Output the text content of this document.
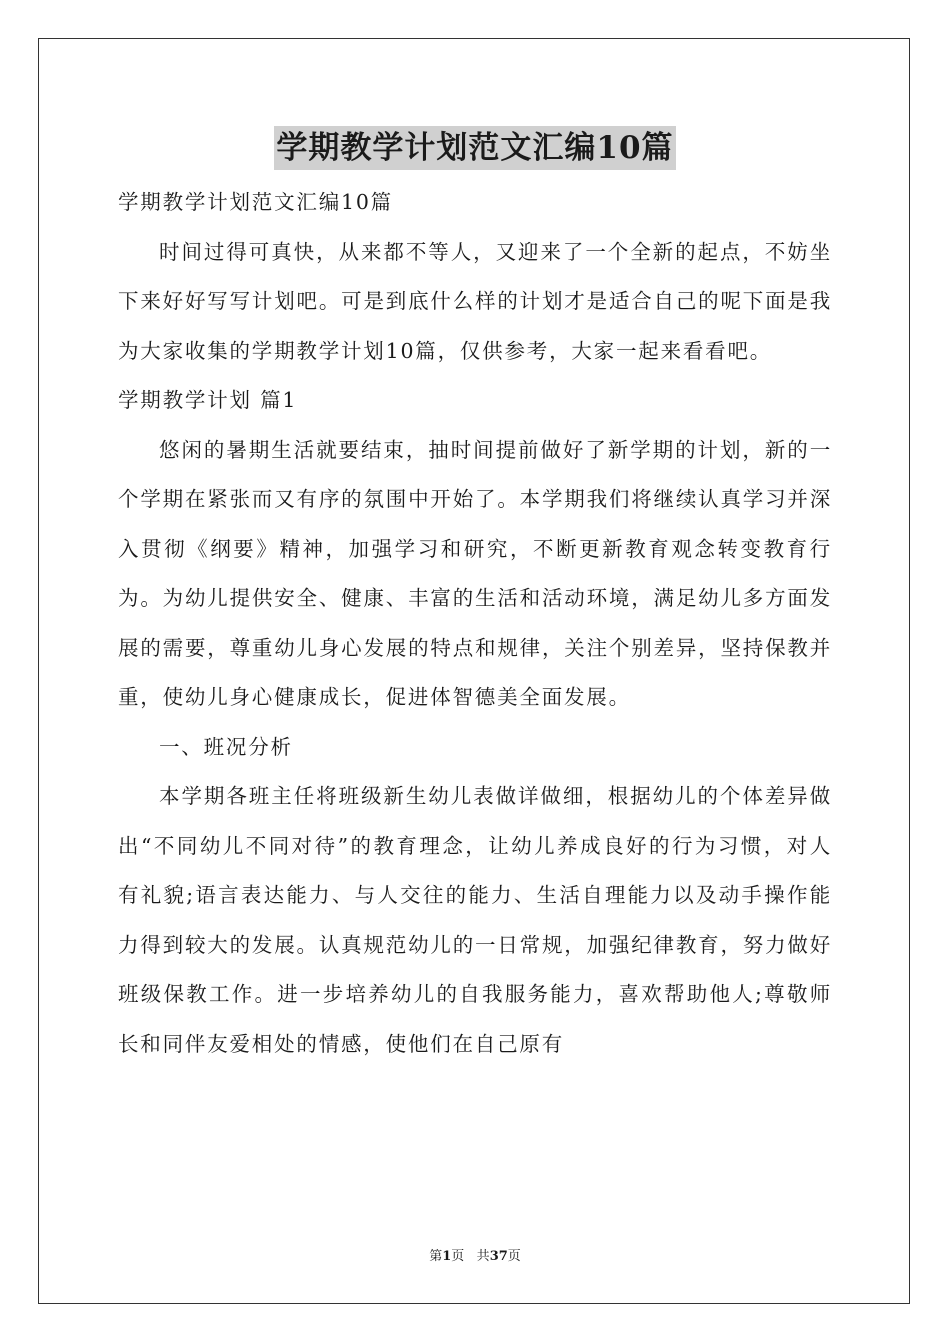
学期教学计划范文汇编10篇

学期教学计划范文汇编10篇

时间过得可真快，从来都不等人，又迎来了一个全新的起点，不妨坐下来好好写写计划吧。可是到底什么样的计划才是适合自己的呢下面是我为大家收集的学期教学计划10篇，仅供参考，大家一起来看看吧。

学期教学计划 篇1

悠闲的暑期生活就要结束，抽时间提前做好了新学期的计划，新的一个学期在紧张而又有序的氛围中开始了。本学期我们将继续认真学习并深入贯彻《纲要》精神，加强学习和研究，不断更新教育观念转变教育行为。为幼儿提供安全、健康、丰富的生活和活动环境，满足幼儿多方面发展的需要，尊重幼儿身心发展的特点和规律，关注个别差异，坚持保教并重，使幼儿身心健康成长，促进体智德美全面发展。

一、班况分析

本学期各班主任将班级新生幼儿表做详做细，根据幼儿的个体差异做出“不同幼儿不同对待”的教育理念，让幼儿养成良好的行为习惯，对人有礼貌;语言表达能力、与人交往的能力、生活自理能力以及动手操作能力得到较大的发展。认真规范幼儿的一日常规，加强纪律教育，努力做好班级保教工作。进一步培养幼儿的自我服务能力，喜欢帮助他人;尊敬师长和同伴友爱相处的情感，使他们在自己原有

第1页 共37页
